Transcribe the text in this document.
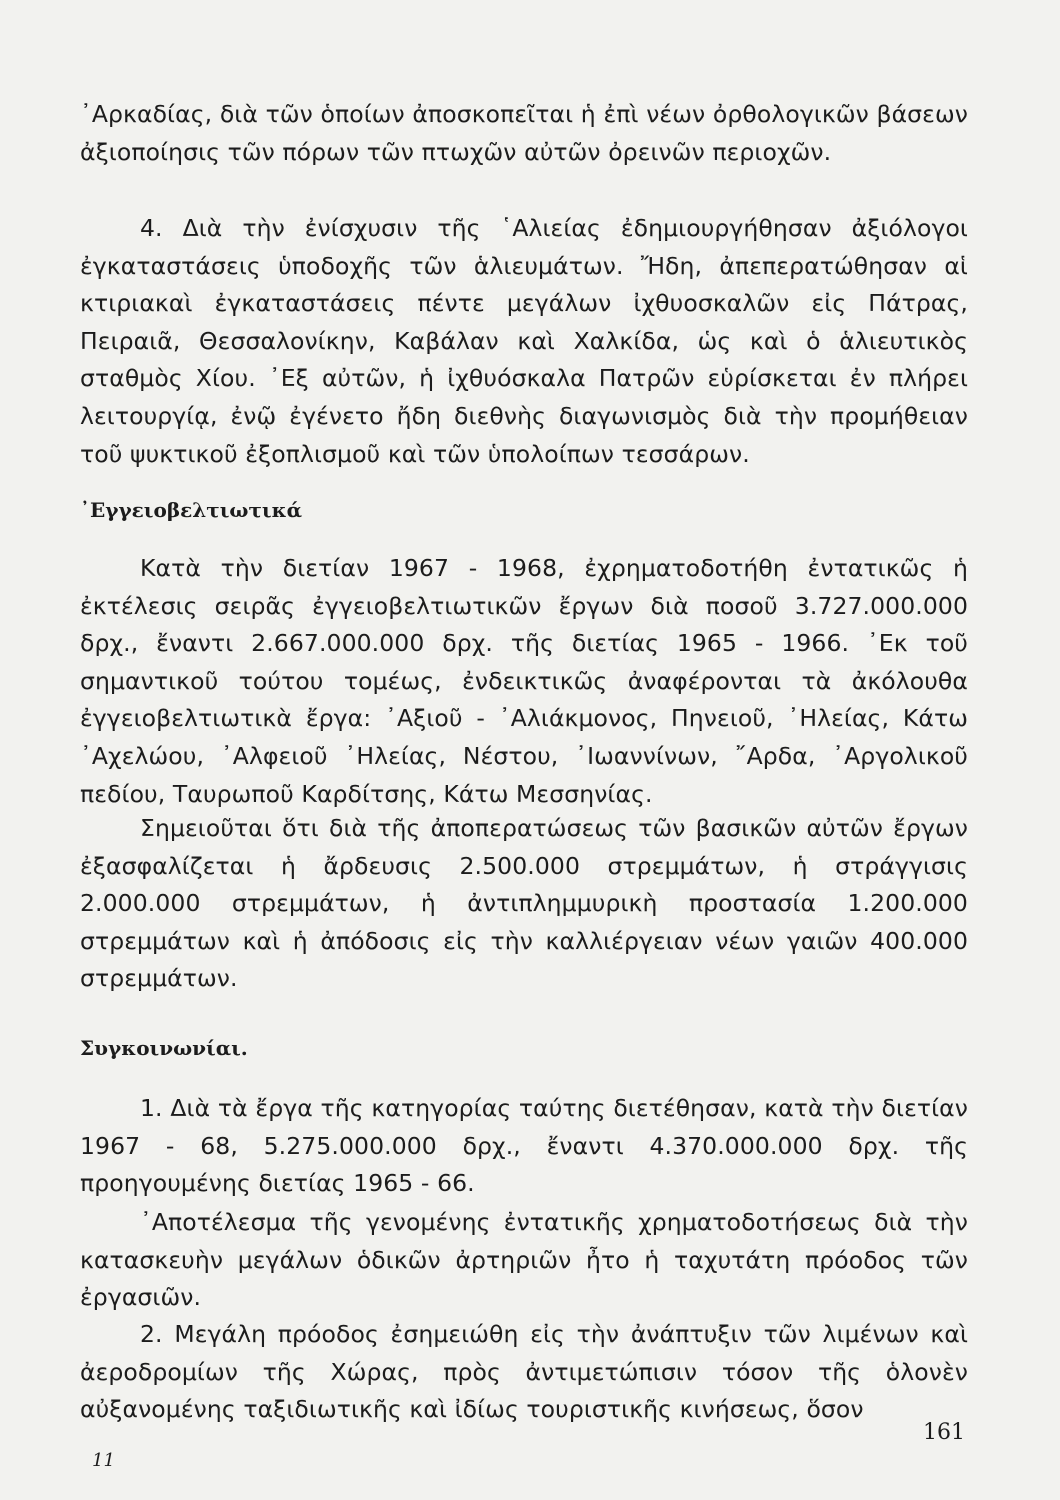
᾿Αρκαδίας, διὰ τῶν ὁποίων ἀποσκοπεῖται ἡ ἐπὶ νέων ὀρθολογικῶν βάσεων ἀξιοποίησις τῶν πόρων τῶν πτωχῶν αὐτῶν ὀρεινῶν περιοχῶν.

4. Διὰ τὴν ἐνίσχυσιν τῆς ῾Αλιείας ἐδημιουργήθησαν ἀξιόλογοι ἐγκαταστάσεις ὑποδοχῆς τῶν ἁλιευμάτων. Ἤδη, ἀπεπερατώθησαν αἱ κτιριακαὶ ἐγκαταστάσεις πέντε μεγάλων ἰχθυοσκαλῶν εἰς Πάτρας, Πειραιᾶ, Θεσσαλονίκην, Καβάλαν καὶ Χαλκίδα, ὡς καὶ ὁ ἁλιευτικὸς σταθμὸς Χίου. ᾿Εξ αὐτῶν, ἡ ἰχθυόσκαλα Πατρῶν εὑρίσκεται ἐν πλήρει λειτουργίᾳ, ἐνῷ ἐγένετο ἤδη διεθνὴς διαγωνισμὸς διὰ τὴν προμήθειαν τοῦ ψυκτικοῦ ἐξοπλισμοῦ καὶ τῶν ὑπολοίπων τεσσάρων.

᾿Εγγειοβελτιωτικά

Κατὰ τὴν διετίαν 1967 - 1968, ἐχρηματοδοτήθη ἐντατικῶς ἡ ἐκτέλεσις σειρᾶς ἐγγειοβελτιωτικῶν ἔργων διὰ ποσοῦ 3.727.000.000 δρχ., ἔναντι 2.667.000.000 δρχ. τῆς διετίας 1965 - 1966. ᾿Εκ τοῦ σημαντικοῦ τούτου τομέως, ἐνδεικτικῶς ἀναφέρονται τὰ ἀκόλουθα ἐγγειοβελτιωτικὰ ἔργα: ᾿Αξιοῦ - ᾿Αλιάκμονος, Πηνειοῦ, ᾿Ηλείας, Κάτω ᾿Αχελώου, ᾿Αλφειοῦ ᾿Ηλείας, Νέστου, ᾿Ιωαννίνων, ῎Αρδα, ᾿Αργολικοῦ πεδίου, Ταυρωποῦ Καρδίτσης, Κάτω Μεσσηνίας.

Σημειοῦται ὅτι διὰ τῆς ἀποπερατώσεως τῶν βασικῶν αὐτῶν ἔργων ἐξασφαλίζεται ἡ ἄρδευσις 2.500.000 στρεμμάτων, ἡ στράγγισις 2.000.000 στρεμμάτων, ἡ ἀντιπλημμυρικὴ προστασία 1.200.000 στρεμμάτων καὶ ἡ ἀπόδοσις εἰς τὴν καλλιέργειαν νέων γαιῶν 400.000 στρεμμάτων.

Συγκοινωνίαι.

1. Διὰ τὰ ἔργα τῆς κατηγορίας ταύτης διετέθησαν, κατὰ τὴν διετίαν 1967 - 68, 5.275.000.000 δρχ., ἔναντι 4.370.000.000 δρχ. τῆς προηγουμένης διετίας 1965 - 66.

᾿Αποτέλεσμα τῆς γενομένης ἐντατικῆς χρηματοδοτήσεως διὰ τὴν κατασκευὴν μεγάλων ὁδικῶν ἀρτηριῶν ἦτο ἡ ταχυτάτη πρόοδος τῶν ἐργασιῶν.

2. Μεγάλη πρόοδος ἐσημειώθη εἰς τὴν ἀνάπτυξιν τῶν λιμένων καὶ ἀεροδρομίων τῆς Χώρας, πρὸς ἀντιμετώπισιν τόσον τῆς ὁλονὲν αὐξανομένης ταξιδιωτικῆς καὶ ἰδίως τουριστικῆς κινήσεως, ὅσον

161
11
